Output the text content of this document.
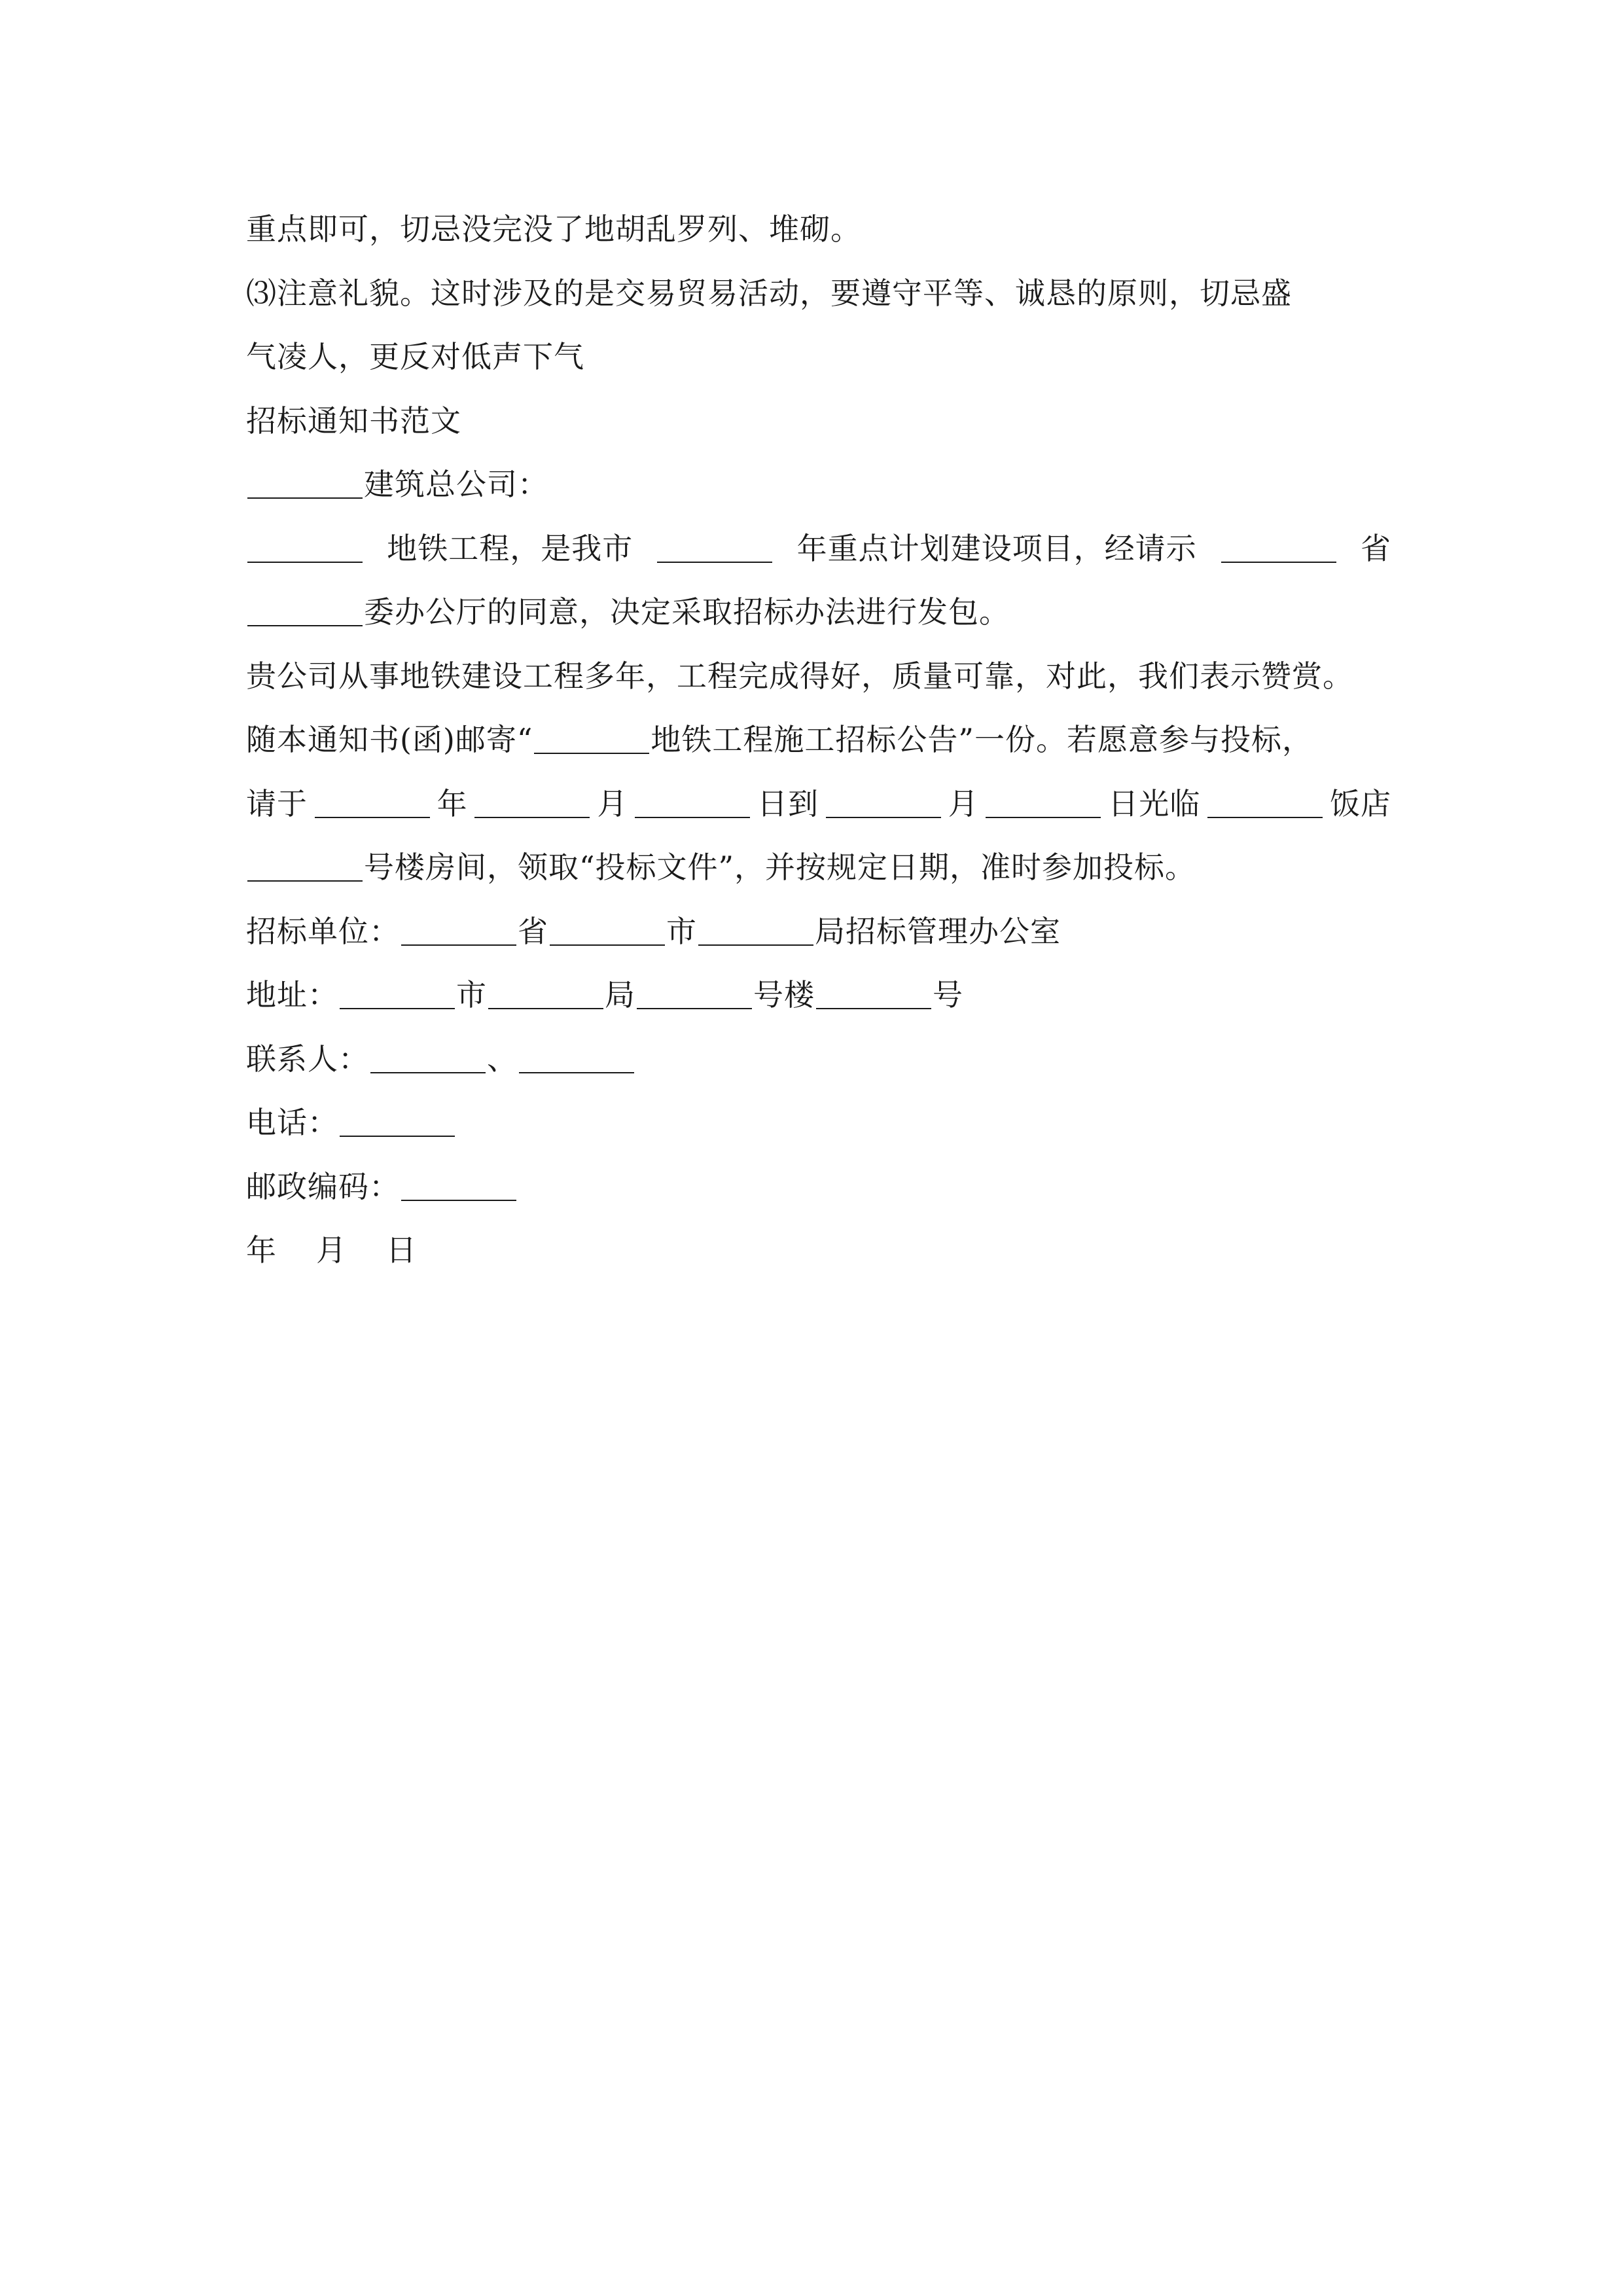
重点即可，切忌没完没了地胡乱罗列、堆砌。
⑶注意礼貌。这时涉及的是交易贸易活动，要遵守平等、诚恳的原则，切忌盛
气凌人，更反对低声下气
招标通知书范文
建筑总公司：
地铁工程，是我市	年重点计划建设项目，经请示	省
委办公厅的同意，决定采取招标办法进行发包。
贵公司从事地铁建设工程多年，工程完成得好，质量可靠，对此，我们表示赞赏。
随本通知书(函)邮寄“	地铁工程施工招标公告”一份。若愿意参与投标，
请于	年	月	日到	月	日光临	饭店
号楼房间，领取“投标文件”，并按规定日期，准时参加投标。
招标单位：	省	市	局招标管理办公室
地址：	市	局	号楼	号
联系人：	、
电话：
邮政编码：
年 月 日
